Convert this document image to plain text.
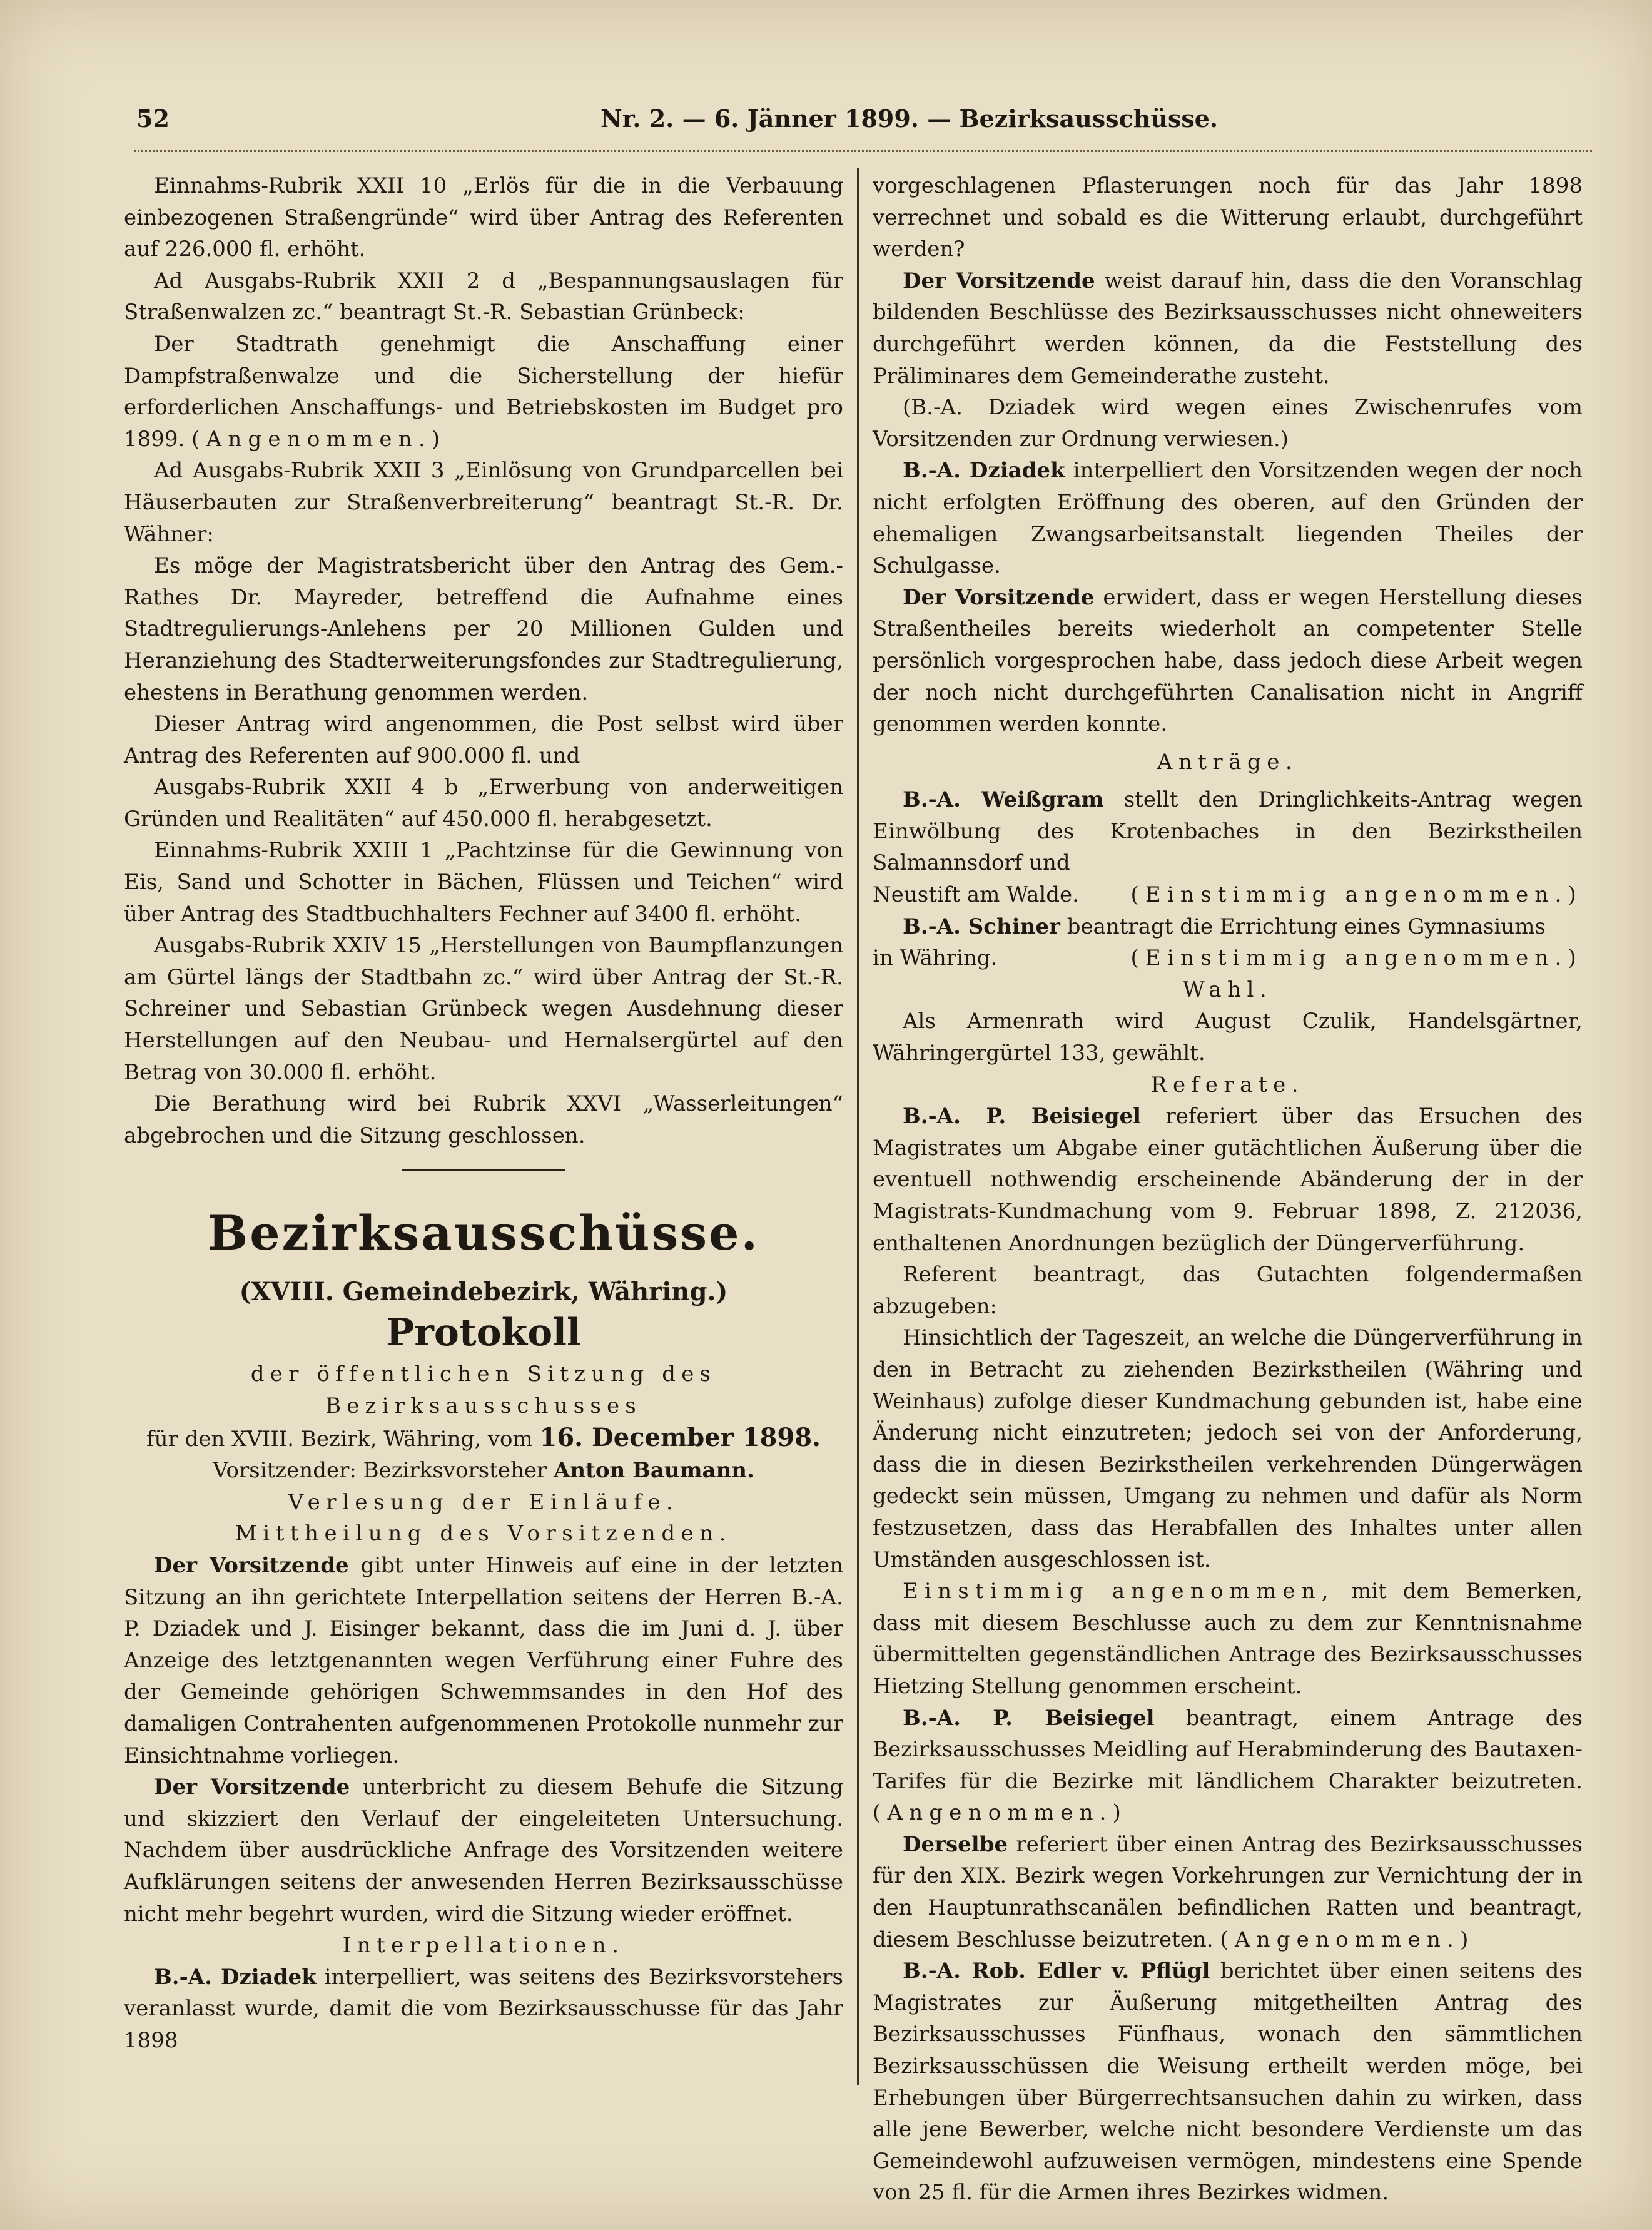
52	Nr. 2. — 6. Jänner 1899. — Bezirksausschüsse.

Einnahms-Rubrik XXII 10 „Erlös für die in die Verbauung einbezogenen Straßengründe“ wird über Antrag des Referenten auf 226.000 fl. erhöht.

Ad Ausgabs-Rubrik XXII 2 d „Bespannungsauslagen für Straßenwalzen zc.“ beantragt St.-R. Sebastian Grünbeck:

Der Stadtrath genehmigt die Anschaffung einer Dampfstraßenwalze und die Sicherstellung der hiefür erforderlichen Anschaffungs- und Betriebskosten im Budget pro 1899. (Angenommen.)

Ad Ausgabs-Rubrik XXII 3 „Einlösung von Grundparcellen bei Häuserbauten zur Straßenverbreiterung“ beantragt St.-R. Dr. Wähner:

Es möge der Magistratsbericht über den Antrag des Gem.-Rathes Dr. Mayreder, betreffend die Aufnahme eines Stadtregulierungs-Anlehens per 20 Millionen Gulden und Heranziehung des Stadterweiterungsfondes zur Stadtregulierung, ehestens in Berathung genommen werden.

Dieser Antrag wird angenommen, die Post selbst wird über Antrag des Referenten auf 900.000 fl. und

Ausgabs-Rubrik XXII 4 b „Erwerbung von anderweitigen Gründen und Realitäten“ auf 450.000 fl. herabgesetzt.

Einnahms-Rubrik XXIII 1 „Pachtzinse für die Gewinnung von Eis, Sand und Schotter in Bächen, Flüssen und Teichen“ wird über Antrag des Stadtbuchhalters Fechner auf 3400 fl. erhöht.

Ausgabs-Rubrik XXIV 15 „Herstellungen von Baumpflanzungen am Gürtel längs der Stadtbahn zc.“ wird über Antrag der St.-R. Schreiner und Sebastian Grünbeck wegen Ausdehnung dieser Herstellungen auf den Neubau- und Hernalsergürtel auf den Betrag von 30.000 fl. erhöht.

Die Berathung wird bei Rubrik XXVI „Wasserleitungen“ abgebrochen und die Sitzung geschlossen.

Bezirksausschüsse.
(XVIII. Gemeindebezirk, Währing.)
Protokoll
der öffentlichen Sitzung des Bezirksausschusses
für den XVIII. Bezirk, Währing, vom 16. December 1898.
Vorsitzender: Bezirksvorsteher Anton Baumann.
Verlesung der Einläufe.
Mittheilung des Vorsitzenden.

Der Vorsitzende gibt unter Hinweis auf eine in der letzten Sitzung an ihn gerichtete Interpellation seitens der Herren B.-A. P. Dziadek und J. Eisinger bekannt, dass die im Juni d. J. über Anzeige des letztgenannten wegen Verführung einer Fuhre des der Gemeinde gehörigen Schwemmsandes in den Hof des damaligen Contrahenten aufgenommenen Protokolle nunmehr zur Einsichtnahme vorliegen.

Der Vorsitzende unterbricht zu diesem Behufe die Sitzung und skizziert den Verlauf der eingeleiteten Untersuchung. Nachdem über ausdrückliche Anfrage des Vorsitzenden weitere Aufklärungen seitens der anwesenden Herren Bezirksausschüsse nicht mehr begehrt wurden, wird die Sitzung wieder eröffnet.

Interpellationen.

B.-A. Dziadek interpelliert, was seitens des Bezirksvorstehers veranlasst wurde, damit die vom Bezirksausschusse für das Jahr 1898

vorgeschlagenen Pflasterungen noch für das Jahr 1898 verrechnet und sobald es die Witterung erlaubt, durchgeführt werden?

Der Vorsitzende weist darauf hin, dass die den Voranschlag bildenden Beschlüsse des Bezirksausschusses nicht ohneweiters durchgeführt werden können, da die Feststellung des Präliminares dem Gemeinderathe zusteht.

(B.-A. Dziadek wird wegen eines Zwischenrufes vom Vorsitzenden zur Ordnung verwiesen.)

B.-A. Dziadek interpelliert den Vorsitzenden wegen der noch nicht erfolgten Eröffnung des oberen, auf den Gründen der ehemaligen Zwangsarbeitsanstalt liegenden Theiles der Schulgasse.

Der Vorsitzende erwidert, dass er wegen Herstellung dieses Straßentheiles bereits wiederholt an competenter Stelle persönlich vorgesprochen habe, dass jedoch diese Arbeit wegen der noch nicht durchgeführten Canalisation nicht in Angriff genommen werden konnte.

Anträge.

B.-A. Weißgram stellt den Dringlichkeits-Antrag wegen Einwölbung des Krotenbaches in den Bezirkstheilen Salmannsdorf und

Neustift am Walde. (Einstimmig angenommen.)

B.-A. Schiner beantragt die Errichtung eines Gymnasiums

in Währing.	(Einstimmig angenommen.)
Wahl.

Als Armenrath wird August Czulik, Handelsgärtner, Währingergürtel 133, gewählt.

Referate.

B.-A. P. Beisiegel referiert über das Ersuchen des Magistrates um Abgabe einer gutächtlichen Äußerung über die eventuell nothwendig erscheinende Abänderung der in der Magistrats-Kundmachung vom 9. Februar 1898, Z. 212036, enthaltenen Anordnungen bezüglich der Düngerverführung.

Referent beantragt, das Gutachten folgendermaßen abzugeben:

Hinsichtlich der Tageszeit, an welche die Düngerverführung in den in Betracht zu ziehenden Bezirkstheilen (Währing und Weinhaus) zufolge dieser Kundmachung gebunden ist, habe eine Änderung nicht einzutreten; jedoch sei von der Anforderung, dass die in diesen Bezirkstheilen verkehrenden Düngerwägen gedeckt sein müssen, Umgang zu nehmen und dafür als Norm festzusetzen, dass das Herabfallen des Inhaltes unter allen Umständen ausgeschlossen ist.

Einstimmig angenommen, mit dem Bemerken, dass mit diesem Beschlusse auch zu dem zur Kenntnisnahme übermittelten gegenständlichen Antrage des Bezirksausschusses Hietzing Stellung genommen erscheint.

B.-A. P. Beisiegel beantragt, einem Antrage des Bezirksausschusses Meidling auf Herabminderung des Bautaxen-Tarifes für die Bezirke mit ländlichem Charakter beizutreten. (Angenommen.)

Derselbe referiert über einen Antrag des Bezirksausschusses für den XIX. Bezirk wegen Vorkehrungen zur Vernichtung der in den Hauptunrathscanälen befindlichen Ratten und beantragt, diesem Beschlusse beizutreten. (Angenommen.)

B.-A. Rob. Edler v. Pflügl berichtet über einen seitens des Magistrates zur Äußerung mitgetheilten Antrag des Bezirksausschusses Fünfhaus, wonach den sämmtlichen Bezirksausschüssen die Weisung ertheilt werden möge, bei Erhebungen über Bürgerrechtsansuchen dahin zu wirken, dass alle jene Bewerber, welche nicht besondere Verdienste um das Gemeindewohl aufzuweisen vermögen, mindestens eine Spende von 25 fl. für die Armen ihres Bezirkes widmen.
